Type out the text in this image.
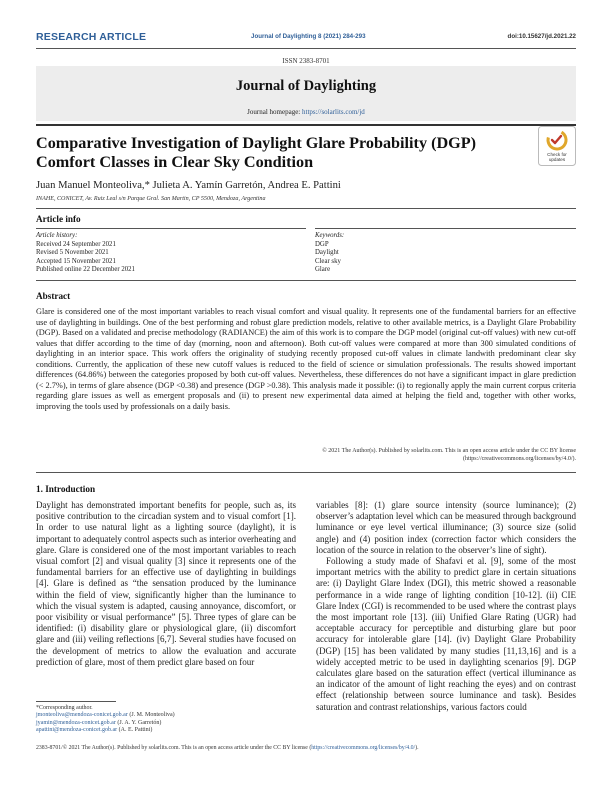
RESEARCH ARTICLE	Journal of Daylighting 8 (2021) 284-293	doi:10.15627/jd.2021.22
ISSN 2383-8701
Journal of Daylighting
Journal homepage: https://solarlits.com/jd
Comparative Investigation of Daylight Glare Probability (DGP)
Comfort Classes in Clear Sky Condition	Check for
updates
Juan Manuel Monteoliva,* Julieta A. Yamín Garretón, Andrea E. Pattini
INAHE, CONICET, Av. Ruiz Leal s/n Parque Gral. San Martin, CP 5500, Mendoza, Argentina
Article info
Article history:
Received 24 September 2021
Revised 5 November 2021
Accepted 15 November 2021
Published online 22 December 2021
Keywords:
DGP
Daylight
Clear sky
Glare
Abstract
Glare is considered one of the most important variables to reach visual comfort and visual quality. It represents one of the fundamental barriers for an effective use of daylighting in buildings. One of the best performing and robust glare prediction models, relative to other available metrics, is a Daylight Glare Probability (DGP). Based on a validated and precise methodology (RADIANCE) the aim of this work is to compare the DGP model (original cut-off values) with new cut-off values that differ according to the time of day (morning, noon and afternoon). Both cut-off values were compared at more than 300 simulated conditions of daylighting in an interior space. This work offers the originality of studying recently proposed cut-off values in climate landwith predominant clear sky conditions. Currently, the application of these new cutoff values is reduced to the field of science or simulation professionals. The results showed important differences (64.86%) between the categories proposed by both cut-off values. Nevertheless, these differences do not have a significant impact in glare prediction (< 2.7%), in terms of glare absence (DGP <0.38) and presence (DGP >0.38). This analysis made it possible: (i) to regionally apply the main current corpus criteria regarding glare issues as well as emergent proposals and (ii) to present new experimental data aimed at helping the field and, together with other works, improving the tools used by professionals on a daily basis.
© 2021 The Author(s). Published by solarlits.com. This is an open access article under the CC BY license
(https://creativecommons.org/licenses/by/4.0/).
1. Introduction

Daylight has demonstrated important benefits for people, such as, its positive contribution to the circadian system and to visual comfort [1]. In order to use natural light as a lighting source (daylight), it is important to adequately control aspects such as interior overheating and glare. Glare is considered one of the most important variables to reach visual comfort [2] and visual quality [3] since it represents one of the fundamental barriers for an effective use of daylighting in buildings [4]. Glare is defined as “the sensation produced by the luminance within the field of view, significantly higher than the luminance to which the visual system is adapted, causing annoyance, discomfort, or poor visibility or visual performance” [5]. Three types of glare can be identified: (i) disability glare or physiological glare, (ii) discomfort glare and (iii) veiling reflections [6,7]. Several studies have focused on the development of metrics to allow the evaluation and accurate prediction of glare, most of them predict glare based on four

variables [8]: (1) glare source intensity (source luminance); (2) observer’s adaptation level which can be measured through background luminance or eye level vertical illuminance; (3) source size (solid angle) and (4) position index (correction factor which considers the location of the source in relation to the observer’s line of sight).

Following a study made of Shafavi et al. [9], some of the most important metrics with the ability to predict glare in certain situations are: (i) Daylight Glare Index (DGI), this metric showed a reasonable performance in a wide range of lighting condition [10-12]. (ii) CIE Glare Index (CGI) is recommended to be used where the contrast plays the most important role [13]. (iii) Unified Glare Rating (UGR) had acceptable accuracy for perceptible and disturbing glare but poor accuracy for intolerable glare [14]. (iv) Daylight Glare Probability (DGP) [15] has been validated by many studies [11,13,16] and is a widely accepted metric to be used in daylighting scenarios [9]. DGP calculates glare based on the saturation effect (vertical illuminance as an indicator of the amount of light reaching the eyes) and on contrast effect (relationship between source luminance and task). Besides saturation and contrast relationships, various factors could

*Corresponding author.
jmonteoliva@mendoza-conicet.gob.ar (J. M. Monteoliva)
jyamin@mendoza-conicet.gob.ar (J. A. Y. Garretón)
apattini@mendoza-conicet.gob.ar (A. E. Pattini)
2383-8701/© 2021 The Author(s). Published by solarlits.com. This is an open access article under the CC BY license (https://creativecommons.org/licenses/by/4.0/).
